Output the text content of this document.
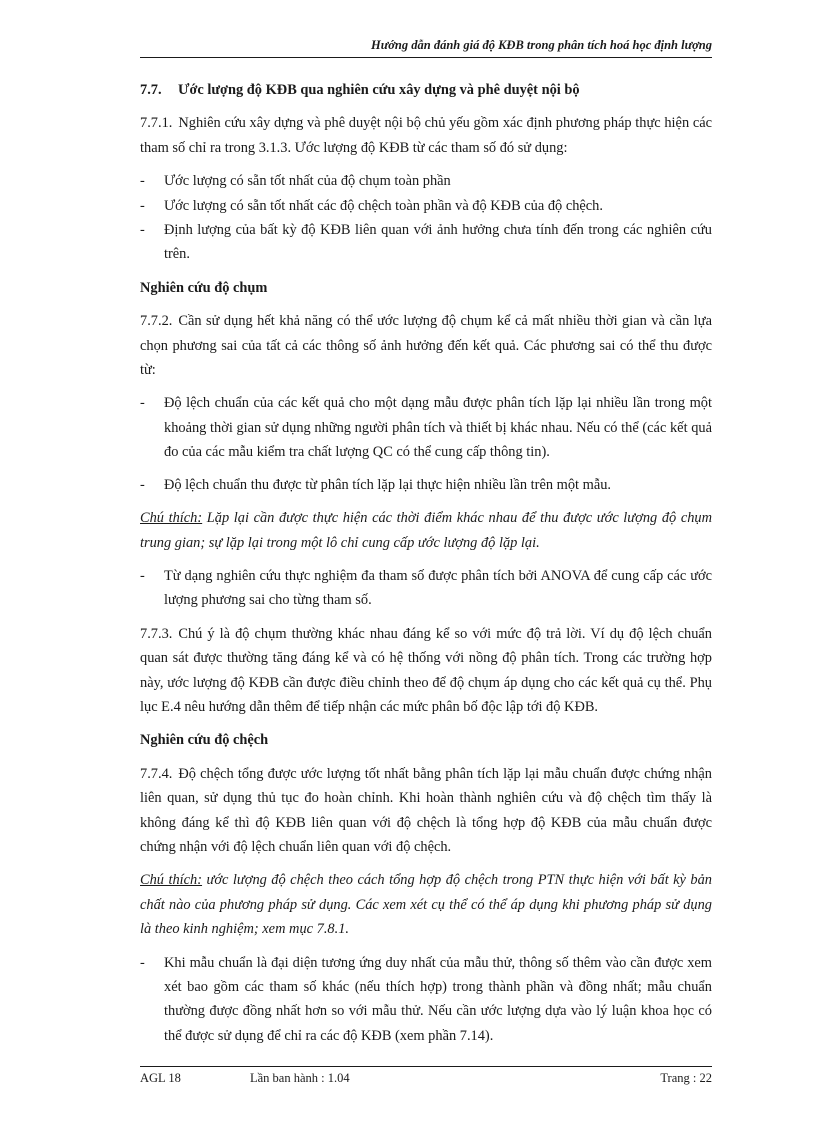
Hướng dẫn đánh giá độ KĐB trong phân tích hoá học định lượng
7.7. Ước lượng độ KĐB qua nghiên cứu xây dựng và phê duyệt nội bộ

7.7.1. Nghiên cứu xây dựng và phê duyệt nội bộ chủ yếu gồm xác định phương pháp thực hiện các tham số chỉ ra trong 3.1.3. Ước lượng độ KĐB từ các tham số đó sử dụng:

- Ước lượng có sẵn tốt nhất của độ chụm toàn phần
- Ước lượng có sẵn tốt nhất các độ chệch toàn phần và độ KĐB của độ chệch.
- Định lượng của bất kỳ độ KĐB liên quan với ảnh hưởng chưa tính đến trong các nghiên cứu trên.
Nghiên cứu độ chụm

7.7.2. Cần sử dụng hết khả năng có thể ước lượng độ chụm kể cả mất nhiều thời gian và cần lựa chọn phương sai của tất cả các thông số ảnh hưởng đến kết quả. Các phương sai có thể thu được từ:

- Độ lệch chuẩn của các kết quả cho một dạng mẫu được phân tích lặp lại nhiều lần trong một khoảng thời gian sử dụng những người phân tích và thiết bị khác nhau. Nếu có thể (các kết quả đo của các mẫu kiểm tra chất lượng QC có thể cung cấp thông tin).
- Độ lệch chuẩn thu được từ phân tích lặp lại thực hiện nhiều lần trên một mẫu.

Chú thích: Lặp lại cần được thực hiện các thời điểm khác nhau để thu được ước lượng độ chụm trung gian; sự lặp lại trong một lô chỉ cung cấp ước lượng độ lặp lại.

- Từ dạng nghiên cứu thực nghiệm đa tham số được phân tích bởi ANOVA để cung cấp các ước lượng phương sai cho từng tham số.

7.7.3. Chú ý là độ chụm thường khác nhau đáng kể so với mức độ trả lời. Ví dụ độ lệch chuẩn quan sát được thường tăng đáng kể và có hệ thống với nồng độ phân tích. Trong các trường hợp này, ước lượng độ KĐB cần được điều chỉnh theo để độ chụm áp dụng cho các kết quả cụ thể. Phụ lục E.4 nêu hướng dẫn thêm để tiếp nhận các mức phân bố độc lập tới độ KĐB.

Nghiên cứu độ chệch

7.7.4. Độ chệch tổng được ước lượng tốt nhất bằng phân tích lặp lại mẫu chuẩn được chứng nhận liên quan, sử dụng thủ tục đo hoàn chỉnh. Khi hoàn thành nghiên cứu và độ chệch tìm thấy là không đáng kể thì độ KĐB liên quan với độ chệch là tổng hợp độ KĐB của mẫu chuẩn được chứng nhận với độ lệch chuẩn liên quan với độ chệch.

Chú thích: ước lượng độ chệch theo cách tổng hợp độ chệch trong PTN thực hiện với bất kỳ bản chất nào của phương pháp sử dụng. Các xem xét cụ thể có thể áp dụng khi phương pháp sử dụng là theo kinh nghiệm; xem mục 7.8.1.

- Khi mẫu chuẩn là đại diện tương ứng duy nhất của mẫu thử, thông số thêm vào cần được xem xét bao gồm các tham số khác (nếu thích hợp) trong thành phần và đồng nhất; mẫu chuẩn thường được đồng nhất hơn so với mẫu thử. Nếu cần ước lượng dựa vào lý luận khoa học có thể được sử dụng để chỉ ra các độ KĐB (xem phần 7.14).
AGL 18	Lần ban hành : 1.04	Trang : 22
